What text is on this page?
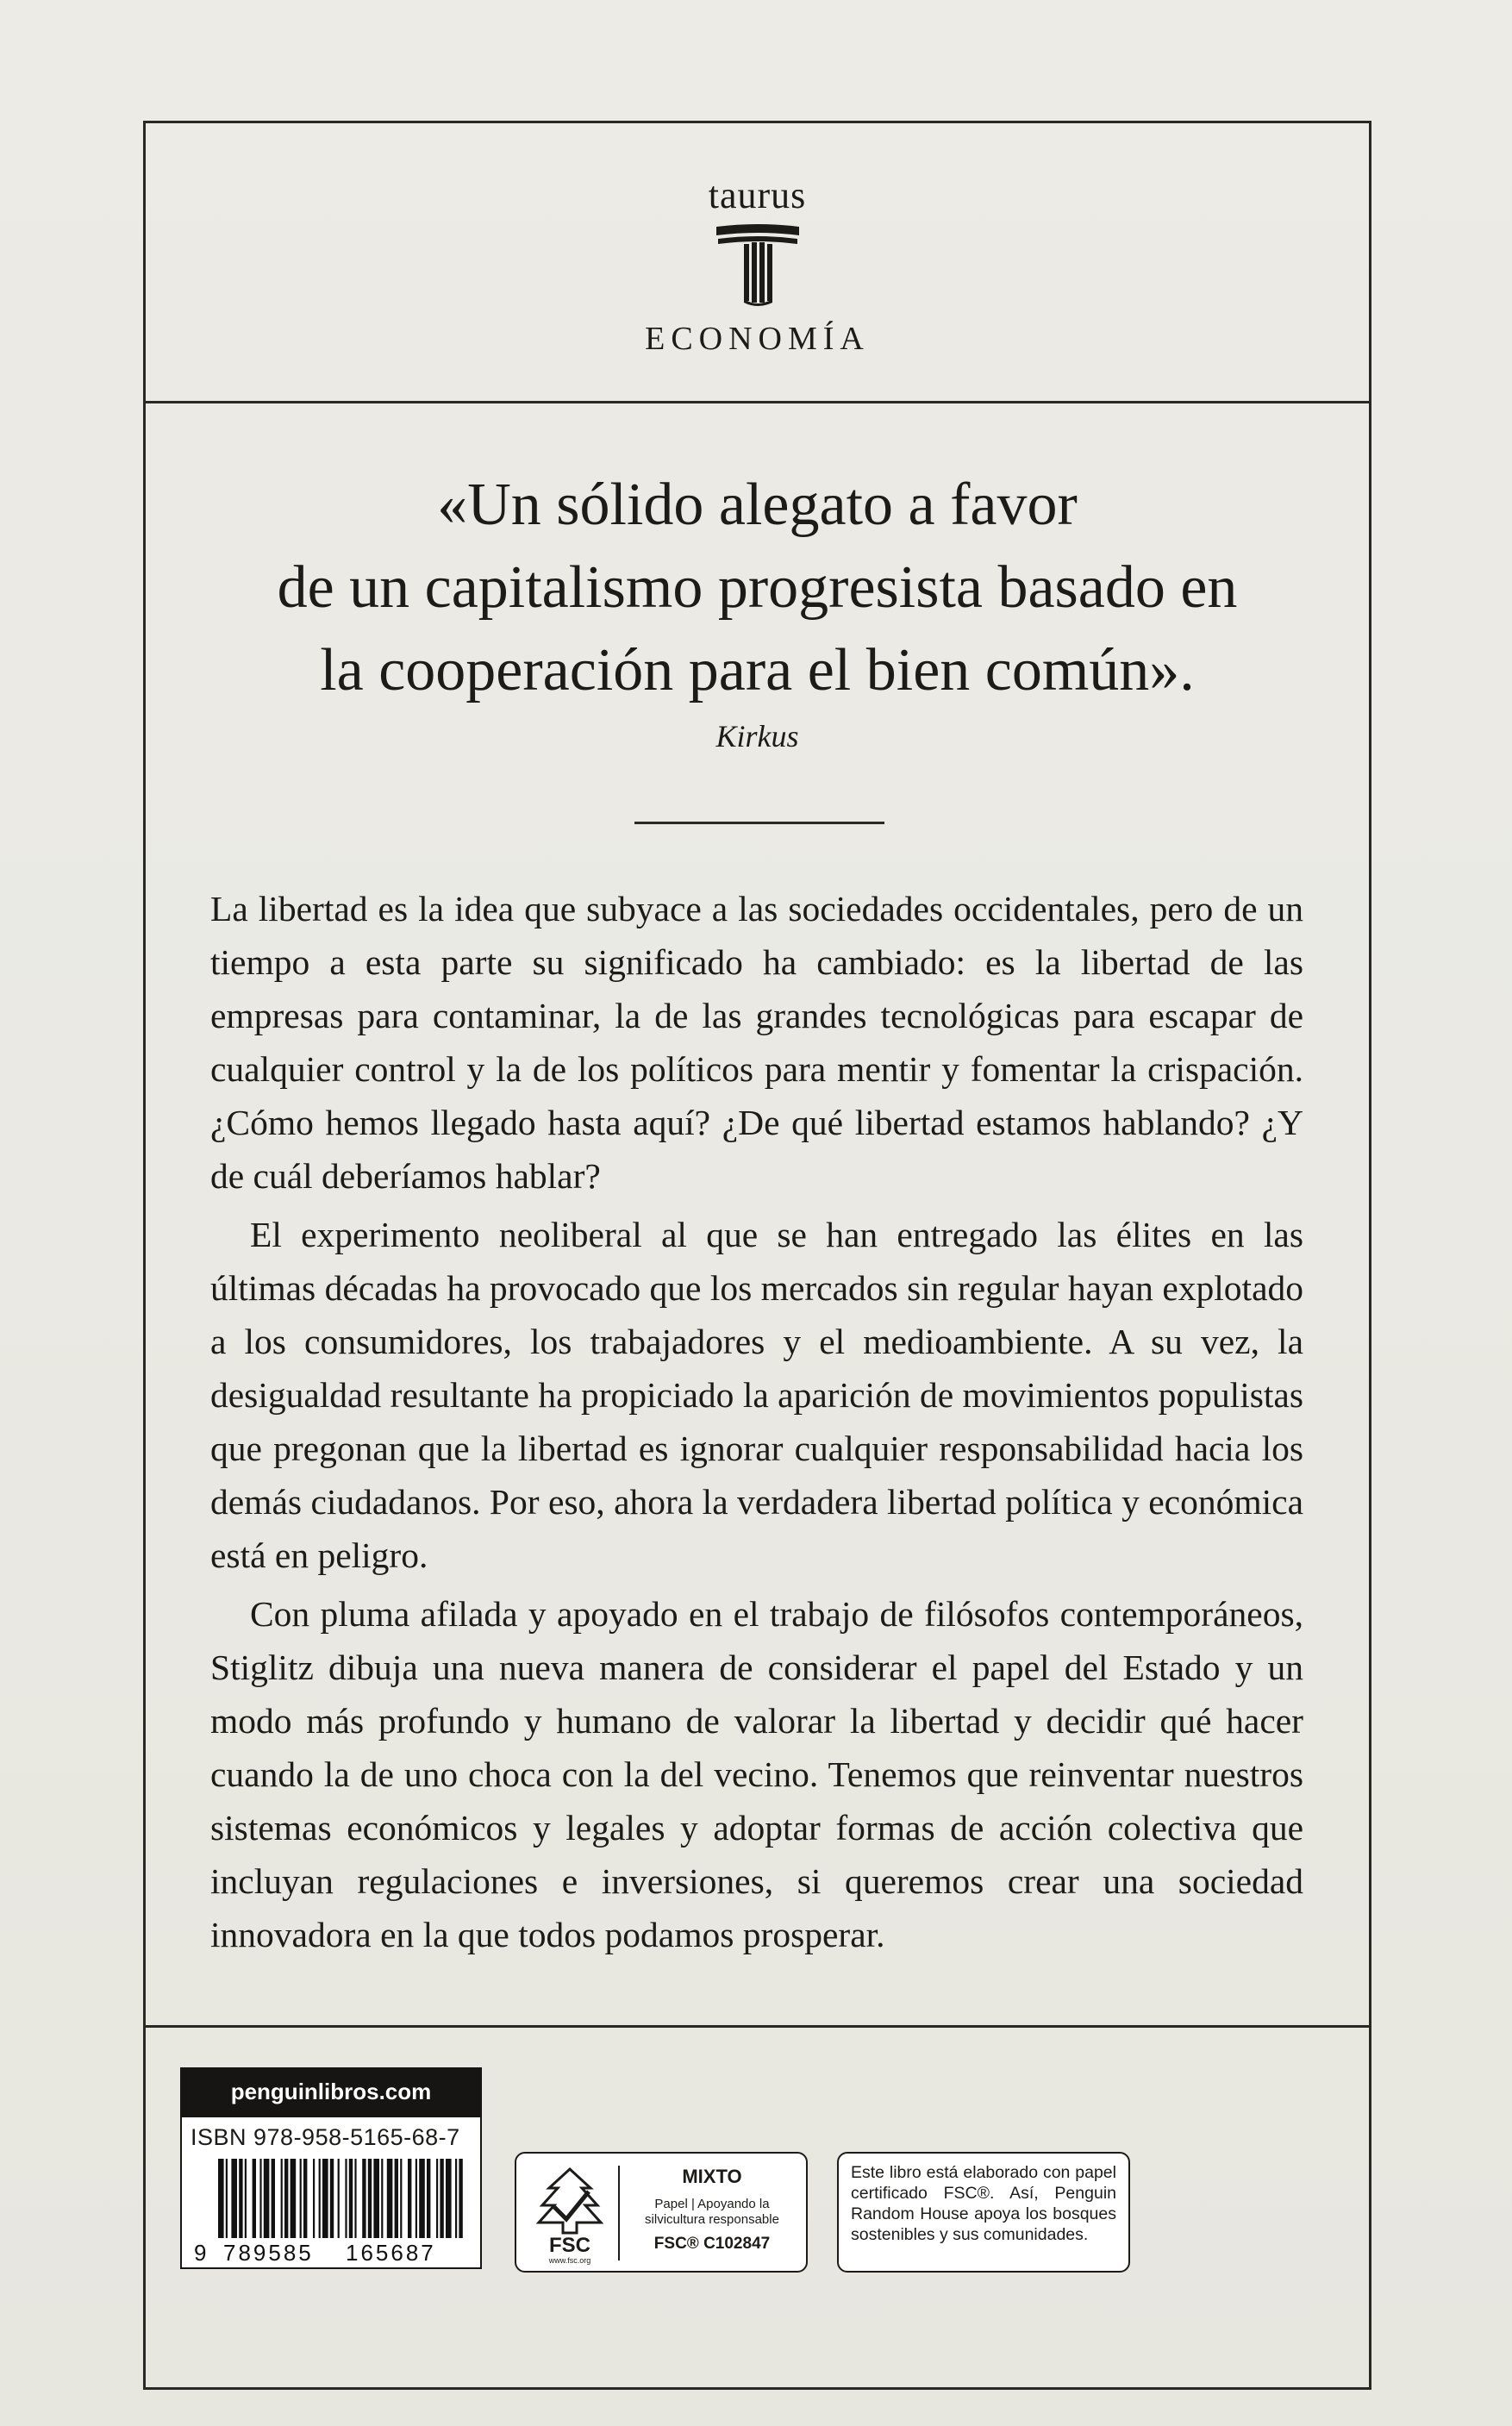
taurus
ECONOMÍA
«Un sólido alegato a favor
de un capitalismo progresista basado en
la cooperación para el bien común».
Kirkus

La libertad es la idea que subyace a las sociedades occidentales, pero de un tiempo a esta parte su significado ha cambiado: es la libertad de las empresas para contaminar, la de las grandes tecnológicas para escapar de cualquier control y la de los políticos para mentir y fomentar la crispación. ¿Cómo hemos llegado hasta aquí? ¿De qué libertad estamos hablando? ¿Y de cuál deberíamos hablar?

El experimento neoliberal al que se han entregado las élites en las últimas décadas ha provocado que los mercados sin regular hayan explotado a los consumidores, los trabajadores y el medioambiente. A su vez, la desigualdad resultante ha propiciado la aparición de movimientos populistas que pregonan que la libertad es ignorar cualquier responsabilidad hacia los demás ciudadanos. Por eso, ahora la verdadera libertad política y económica está en peligro.

Con pluma afilada y apoyado en el trabajo de filósofos contemporáneos, Stiglitz dibuja una nueva manera de considerar el papel del Estado y un modo más profundo y humano de valorar la libertad y decidir qué hacer cuando la de uno choca con la del vecino. Tenemos que reinventar nuestros sistemas económicos y legales y adoptar formas de acción colectiva que incluyan regulaciones e inversiones, si queremos crear una sociedad innovadora en la que todos podamos prosperar.

penguinlibros.com
ISBN 978-958-5165-68-7
9 789585 165687	FSC
www.fsc.org
MIXTO
Papel | Apoyando la
silvicultura responsable
FSC® C102847
Este libro está elaborado con papel certificado FSC®. Así, Penguin Random House apoya los bosques sostenibles y sus comunidades.
